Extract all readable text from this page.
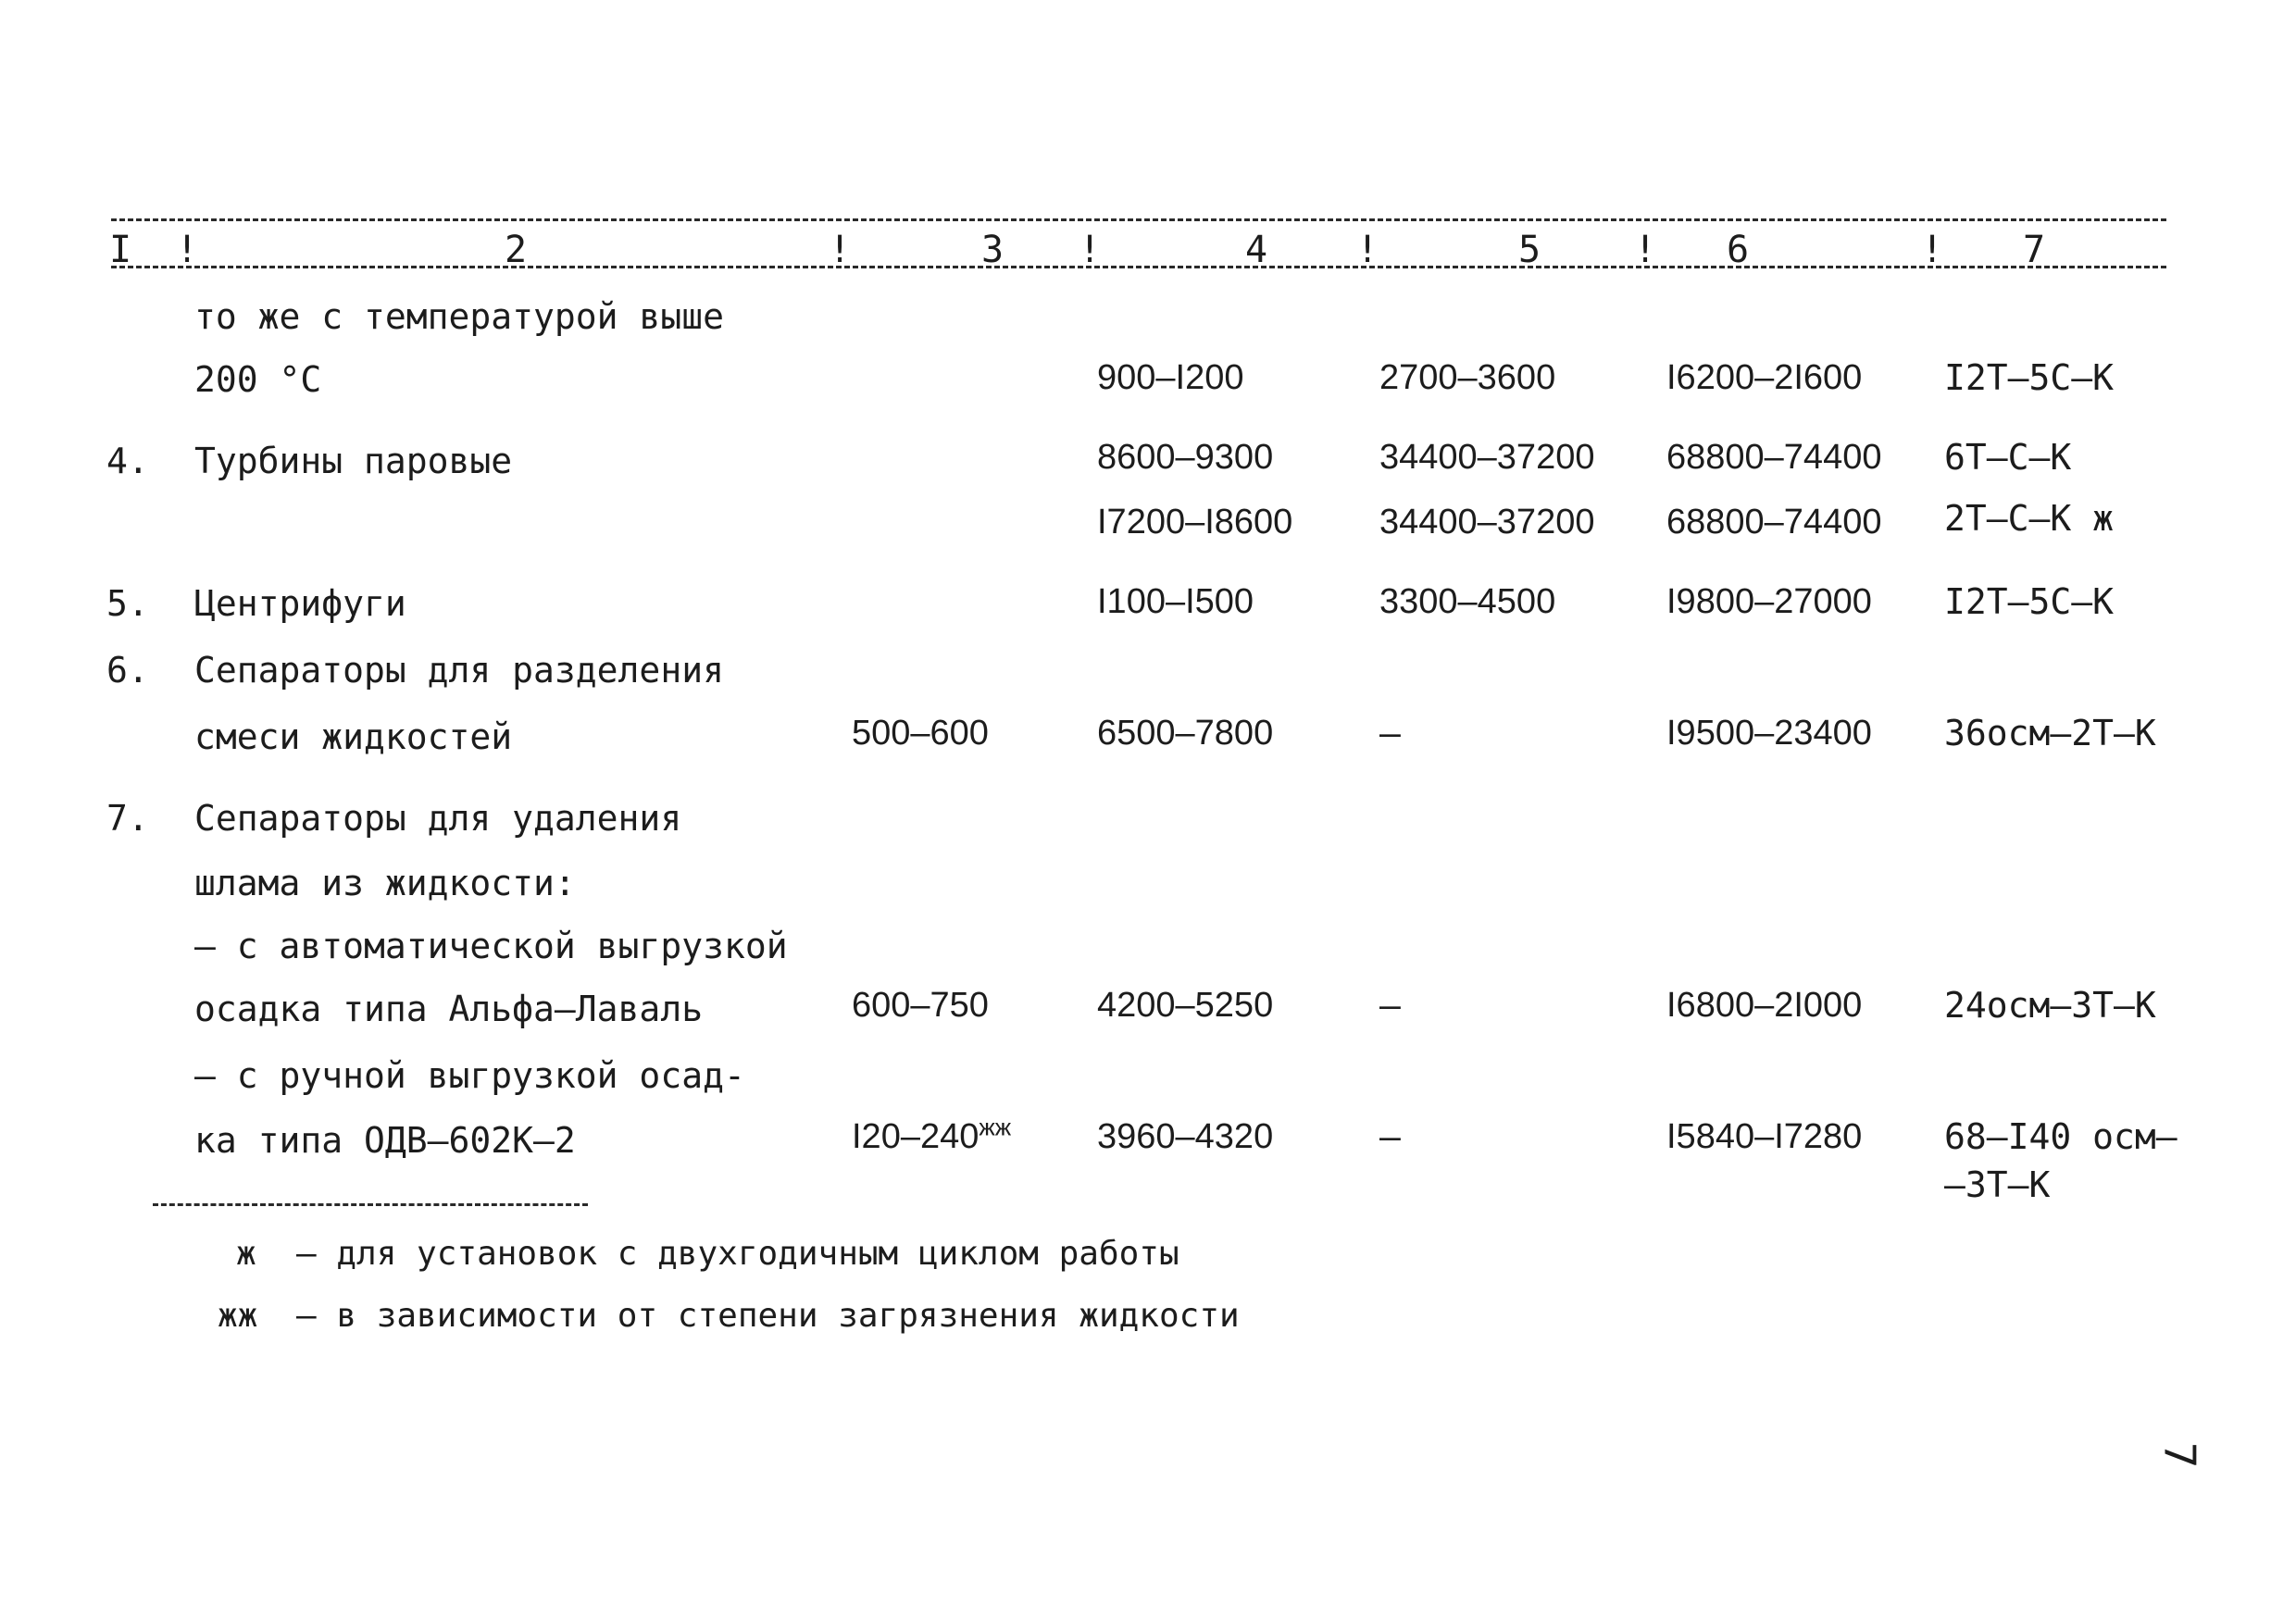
I !	2	!	3 !	4 !	5	! 6	! 7
то же с температурой выше
200 °C	900–I200	2700–3600	I6200–2I600 I2T–5C–K
4. Турбины паровые	8600–9300	34400–37200 68800–74400 6T–C–K
I7200–I8600 34400–37200 68800–74400 2T–C–K ж
5. Центрифуги	I100–I500	3300–4500	I9800–27000 I2T–5C–K
6. Сепараторы для разделения
смеси жидкостей	500–600	6500–7800	–	I9500–23400 36осм–2T–K
7. Сепараторы для удаления
шлама из жидкости:
– с автоматической выгрузкой
осадка типа Альфа–Лаваль	600–750	4200–5250	–	I6800–2I000 24осм–3T–K
– с ручной выгрузкой осад-
ка типа ОДВ–602К–2	$I20-240^{жж}$ 3960–4320	–	I5840–I7280 68–I40 осм–
–3T–K
ж – для установок с двухгодичным циклом работы
жж – в зависимости от степени загрязнения жидкости
7
